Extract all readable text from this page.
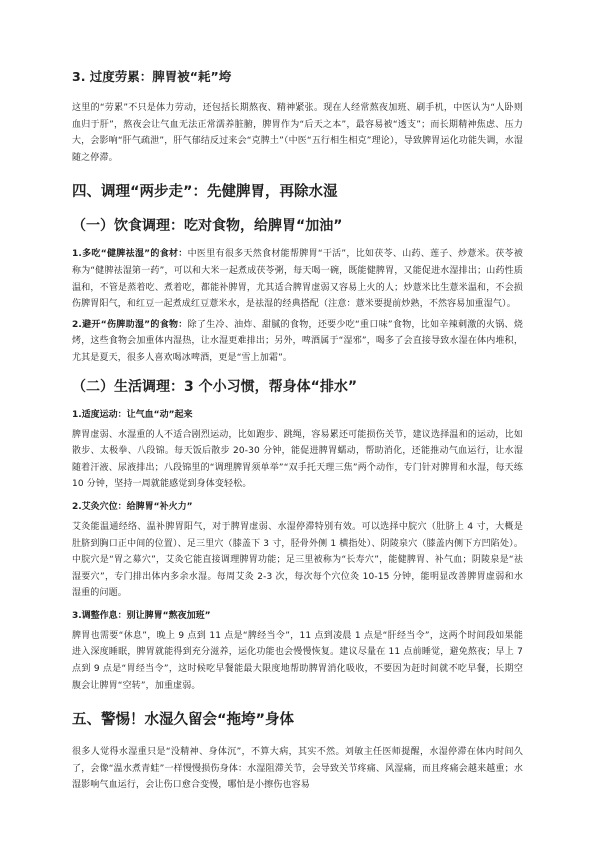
3. 过度劳累：脾胃被“耗”垮

这里的“劳累”不只是体力劳动，还包括长期熬夜、精神紧张。现在人经常熬夜加班、刷手机，中医认为“人卧则血归于肝”，熬夜会让气血无法正常濡养脏腑，脾胃作为“后天之本”，最容易被“透支”；而长期精神焦虑、压力大，会影响“肝气疏泄”，肝气郁结反过来会“克脾土”（中医“五行相生相克”理论），导致脾胃运化功能失调，水湿随之停滞。

四、调理“两步走”：先健脾胃，再除水湿
（一）饮食调理：吃对食物，给脾胃“加油”

1.多吃“健脾祛湿”的食材：中医里有很多天然食材能帮脾胃“干活”，比如茯苓、山药、莲子、炒薏米。茯苓被称为“健脾祛湿第一药”，可以和大米一起煮成茯苓粥，每天喝一碗，既能健脾胃，又能促进水湿排出；山药性质温和，不管是蒸着吃、煮着吃，都能补脾胃，尤其适合脾胃虚弱又容易上火的人；炒薏米比生薏米温和，不会损伤脾胃阳气，和红豆一起煮成红豆薏米水，是祛湿的经典搭配（注意：薏米要提前炒熟，不然容易加重湿气）。

2.避开“伤脾助湿”的食物：除了生冷、油炸、甜腻的食物，还要少吃“重口味”食物，比如辛辣刺激的火锅、烧烤，这些食物会加重体内湿热，让水湿更难排出；另外，啤酒属于“湿邪”，喝多了会直接导致水湿在体内堆积，尤其是夏天，很多人喜欢喝冰啤酒，更是“雪上加霜”。

（二）生活调理：3 个小习惯，帮身体“排水”
1.适度运动：让气血“动”起来

脾胃虚弱、水湿重的人不适合剧烈运动，比如跑步、跳绳，容易累还可能损伤关节，建议选择温和的运动，比如散步、太极拳、八段锦。每天饭后散步 20-30 分钟，能促进脾胃蠕动，帮助消化，还能推动气血运行，让水湿随着汗液、尿液排出；八段锦里的“调理脾胃须单举”“双手托天理三焦”两个动作，专门针对脾胃和水湿，每天练 10 分钟，坚持一周就能感觉到身体变轻松。

2.艾灸穴位：给脾胃“补火力”

艾灸能温通经络、温补脾胃阳气，对于脾胃虚弱、水湿停滞特别有效。可以选择中脘穴（肚脐上 4 寸，大概是肚脐到胸口正中间的位置）、足三里穴（膝盖下 3 寸，胫骨外侧 1 横指处）、阴陵泉穴（膝盖内侧下方凹陷处）。中脘穴是“胃之募穴”，艾灸它能直接调理脾胃功能；足三里被称为“长寿穴”，能健脾胃、补气血；阴陵泉是“祛湿要穴”，专门排出体内多余水湿。每周艾灸 2-3 次，每次每个穴位灸 10-15 分钟，能明显改善脾胃虚弱和水湿重的问题。

3.调整作息：别让脾胃“熬夜加班”

脾胃也需要“休息”，晚上 9 点到 11 点是“脾经当令”，11 点到凌晨 1 点是“肝经当令”，这两个时间段如果能进入深度睡眠，脾胃就能得到充分滋养，运化功能也会慢慢恢复。建议尽量在 11 点前睡觉，避免熬夜；早上 7 点到 9 点是“胃经当令”，这时候吃早餐能最大限度地帮助脾胃消化吸收，不要因为赶时间就不吃早餐，长期空腹会让脾胃“空转”，加重虚弱。

五、警惕！水湿久留会“拖垮”身体

很多人觉得水湿重只是“没精神、身体沉”，不算大病，其实不然。刘敏主任医师提醒，水湿停滞在体内时间久了，会像“温水煮青蛙”一样慢慢损伤身体：水湿阻滞关节，会导致关节疼痛、风湿痛，而且疼痛会越来越重；水湿影响气血运行，会让伤口愈合变慢，哪怕是小擦伤也容易
